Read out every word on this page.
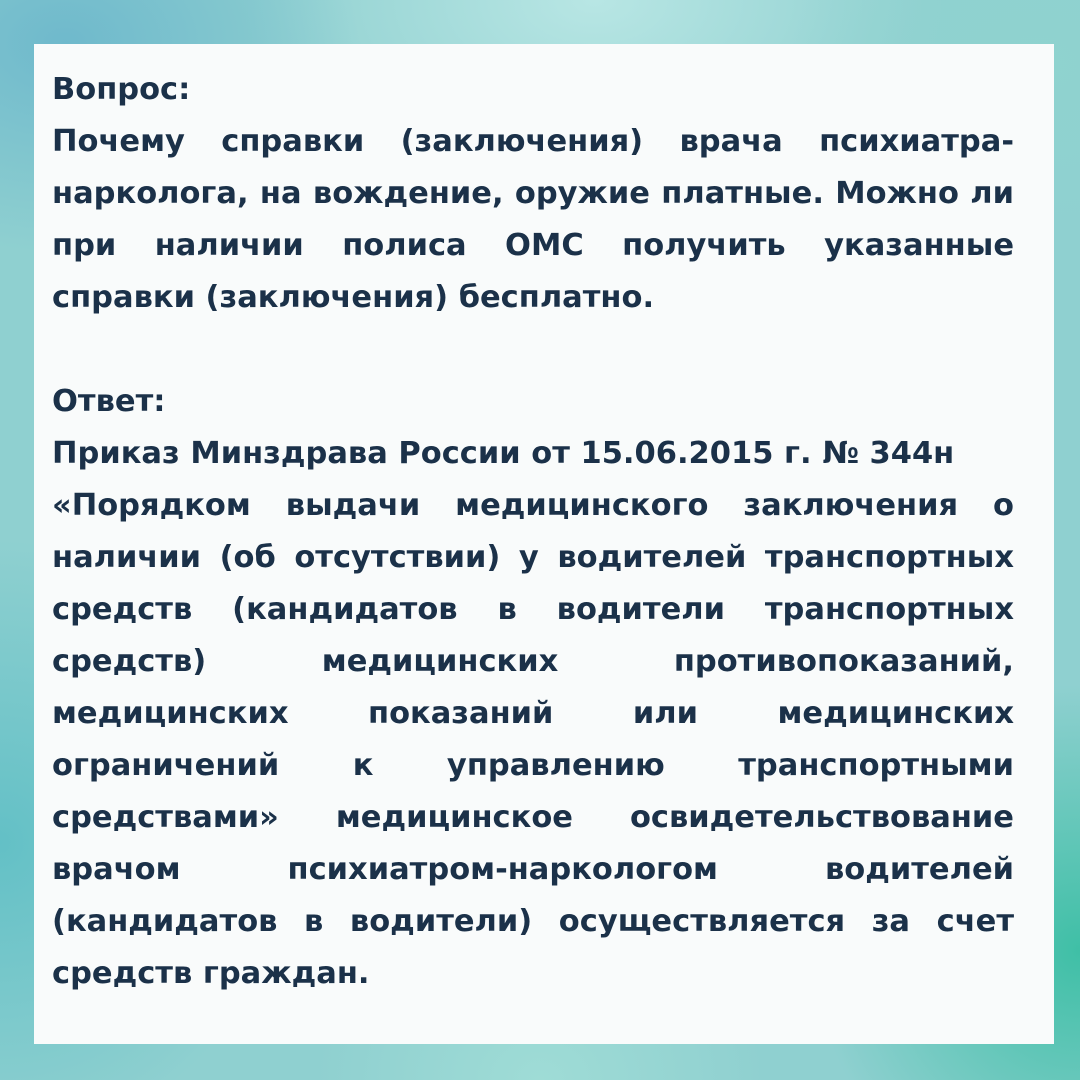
Вопрос:

Почему справки (заключения) врача психиатра-нарколога, на вождение, оружие платные. Можно ли при наличии полиса ОМС получить указанные справки (заключения) бесплатно.

Ответ:

Приказ Минздрава России от 15.06.2015 г. № 344н

«Порядком выдачи медицинского заключения о наличии (об отсутствии) у водителей транспортных средств (кандидатов в водители транспортных средств) медицинских противопоказаний, медицинских показаний или медицинских ограничений к управлению транспортными средствами» медицинское освидетельствование врачом психиатром-наркологом водителей (кандидатов в водители) осуществляется за счет средств граждан.
